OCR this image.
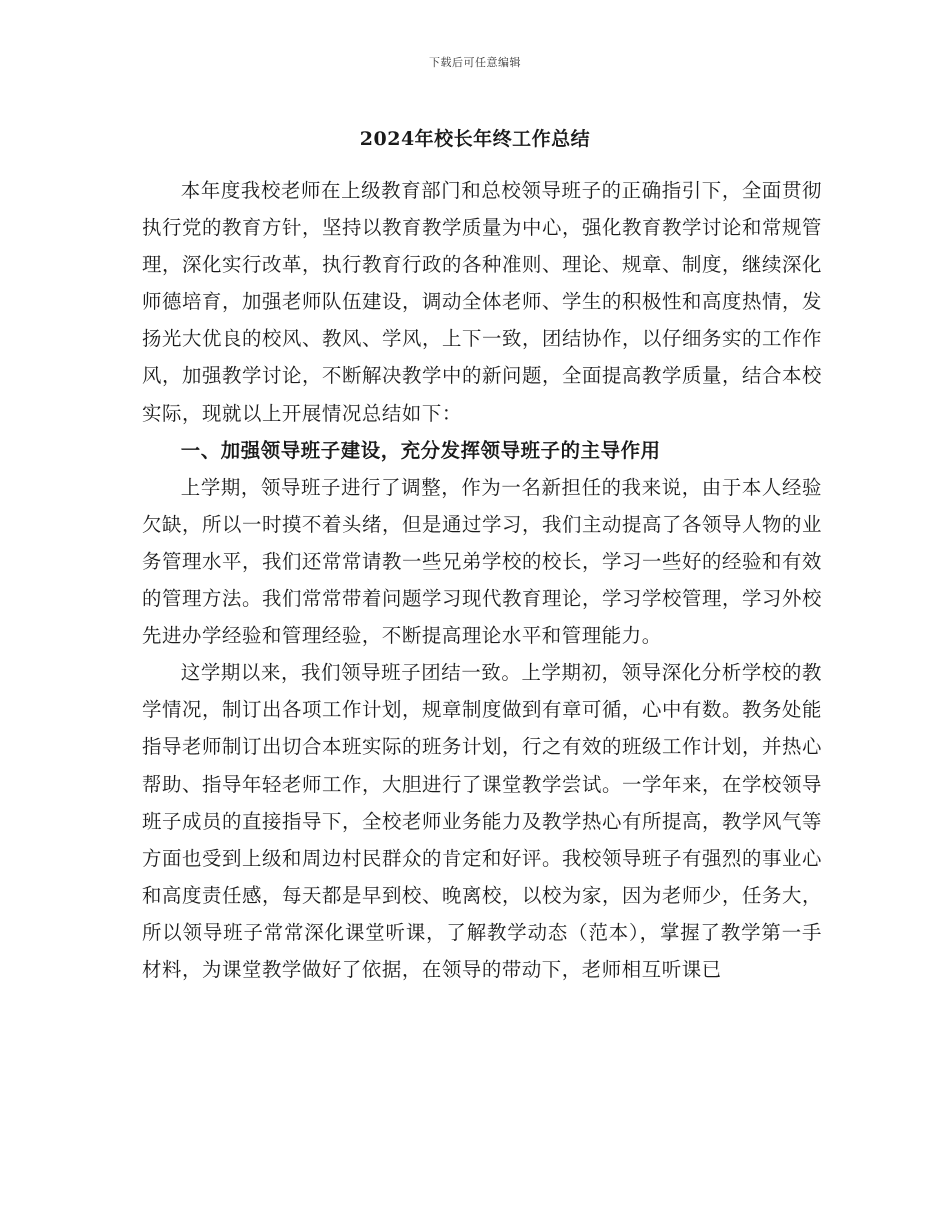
下载后可任意编辑
2024年校长年终工作总结

本年度我校老师在上级教育部门和总校领导班子的正确指引下，全面贯彻执行党的教育方针，坚持以教育教学质量为中心，强化教育教学讨论和常规管理，深化实行改革，执行教育行政的各种准则、理论、规章、制度，继续深化师德培育，加强老师队伍建设，调动全体老师、学生的积极性和高度热情，发扬光大优良的校风、教风、学风，上下一致，团结协作，以仔细务实的工作作风，加强教学讨论，不断解决教学中的新问题，全面提高教学质量，结合本校实际，现就以上开展情况总结如下：

一、加强领导班子建设，充分发挥领导班子的主导作用

上学期，领导班子进行了调整，作为一名新担任的我来说，由于本人经验欠缺，所以一时摸不着头绪，但是通过学习，我们主动提高了各领导人物的业务管理水平，我们还常常请教一些兄弟学校的校长，学习一些好的经验和有效的管理方法。我们常常带着问题学习现代教育理论，学习学校管理，学习外校先进办学经验和管理经验，不断提高理论水平和管理能力。

这学期以来，我们领导班子团结一致。上学期初，领导深化分析学校的教学情况，制订出各项工作计划，规章制度做到有章可循，心中有数。教务处能指导老师制订出切合本班实际的班务计划，行之有效的班级工作计划，并热心帮助、指导年轻老师工作，大胆进行了课堂教学尝试。一学年来，在学校领导班子成员的直接指导下，全校老师业务能力及教学热心有所提高，教学风气等方面也受到上级和周边村民群众的肯定和好评。我校领导班子有强烈的事业心和高度责任感，每天都是早到校、晚离校，以校为家，因为老师少，任务大，所以领导班子常常深化课堂听课，了解教学动态（范本），掌握了教学第一手材料，为课堂教学做好了依据，在领导的带动下，老师相互听课已
